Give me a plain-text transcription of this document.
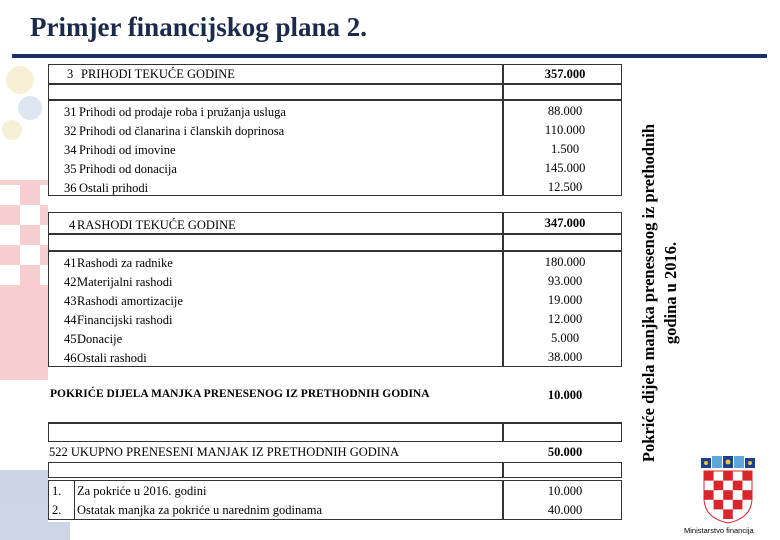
Primjer financijskog plana 2.
3 PRIHODI TEKUĆE GODINE	357.000
31 Prihodi od prodaje roba i pružanja usluga	88.000
32 Prihodi od članarina i članskih doprinosa	110.000
34 Prihodi od imovine	1.500
35 Prihodi od donacija	145.000
36 Ostali prihodi	12.500
4 RASHODI TEKUĆE GODINE	347.000
41 Rashodi za radnike	180.000
42 Materijalni rashodi	93.000
43 Rashodi amortizacije	19.000
44 Financijski rashodi	12.000
45 Donacije	5.000
46 Ostali rashodi	38.000
POKRIĆE DIJELA MANJKA PRENESENOG IZ PRETHODNIH GODINA	10.000
522 UKUPNO PRENESENI MANJAK IZ PRETHODNIH GODINA	50.000
1. Za pokriće u 2016. godini	10.000
2. Ostatak manjka za pokriće u narednim godinama	40.000
Pokriće dijela manjka prenesenog iz prethodnih godina u 2016.
Ministarstvo financija
